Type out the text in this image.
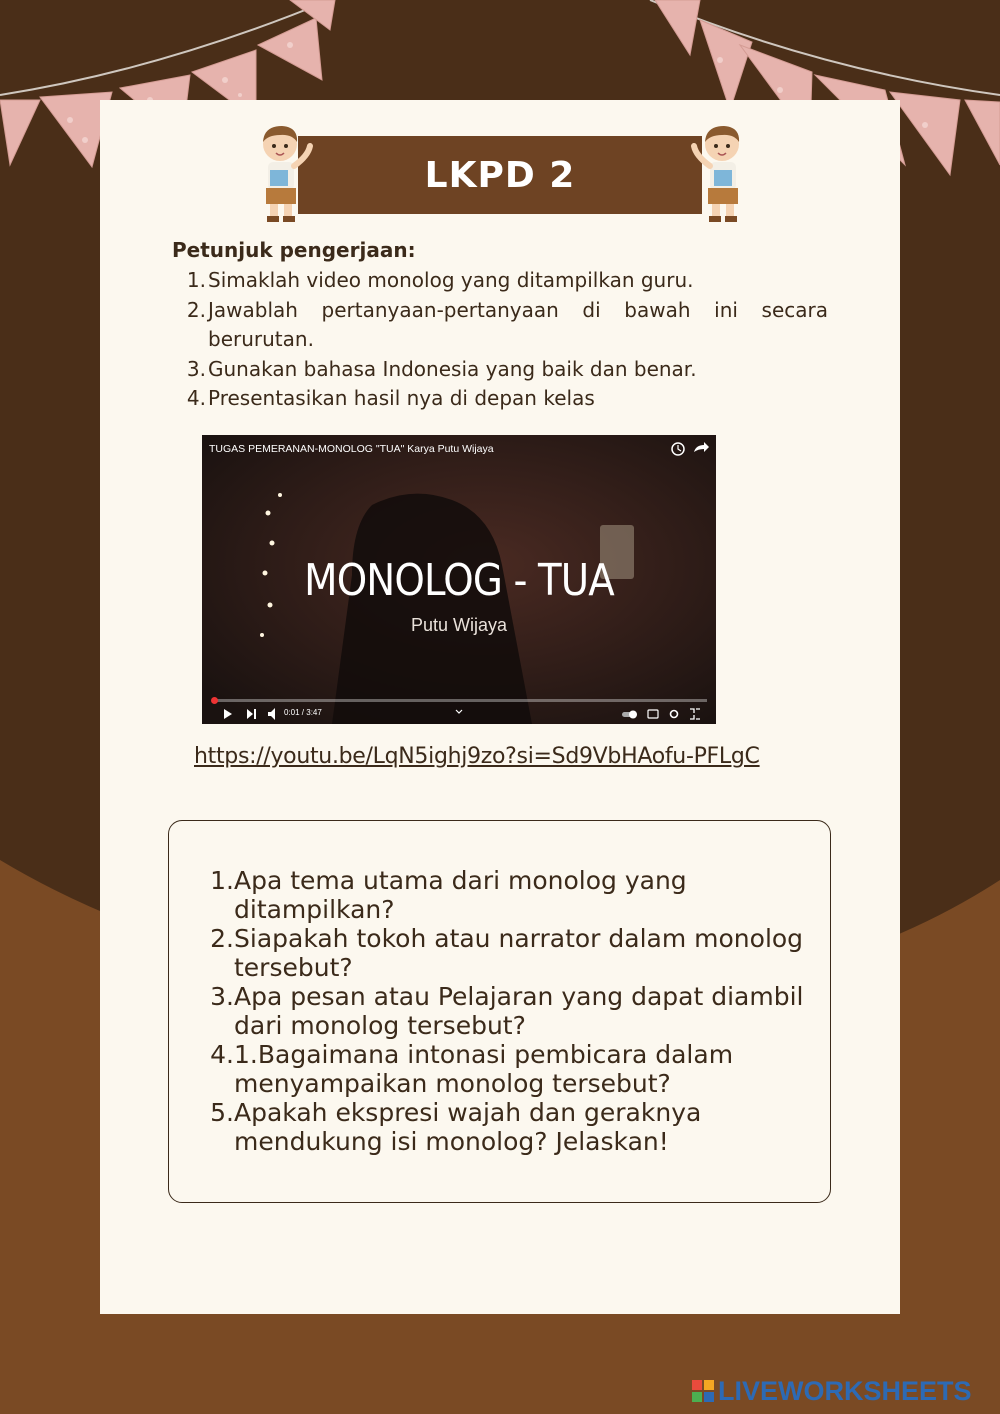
LKPD 2
Petunjuk pengerjaan:
1. Simaklah video monolog yang ditampilkan guru.
2. Jawablah pertanyaan-pertanyaan di bawah ini secara berurutan.
3. Gunakan bahasa Indonesia yang baik dan benar.
4. Presentasikan hasil nya di depan kelas
TUGAS PEMERANAN-MONOLOG "TUA" Karya Putu Wijaya
MONOLOG - TUA
Putu Wijaya
0:01 / 3:47
https://youtu.be/LqN5ighj9zo?si=Sd9VbHAofu-PFLgC
1. Apa tema utama dari monolog yang ditampilkan?
2. Siapakah tokoh atau narrator dalam monolog tersebut?
3. Apa pesan atau Pelajaran yang dapat diambil dari monolog tersebut?
4. 1.Bagaimana intonasi pembicara dalam menyampaikan monolog tersebut?
5. Apakah ekspresi wajah dan geraknya mendukung isi monolog? Jelaskan!
LIVEWORKSHEETS
